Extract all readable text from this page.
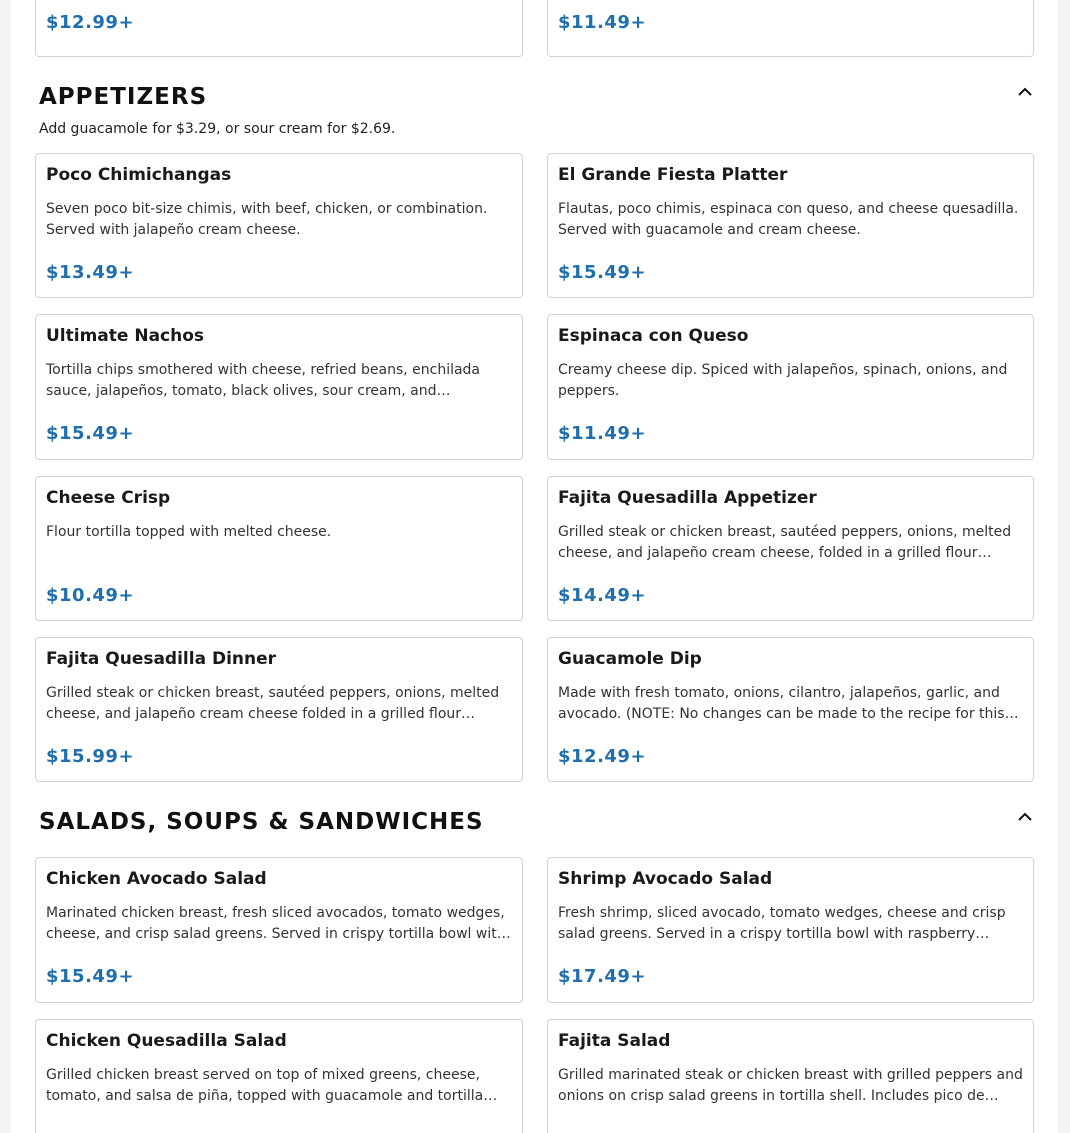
$12.99+	$11.49+
APPETIZERS
Add guacamole for $3.29, or sour cream for $2.69.
Poco Chimichangas
Seven poco bit-size chimis, with beef, chicken, or combination. Served with jalapeño cream cheese.
$13.49+
El Grande Fiesta Platter
Flautas, poco chimis, espinaca con queso, and cheese quesadilla. Served with guacamole and cream cheese.
$15.49+
Ultimate Nachos
Tortilla chips smothered with cheese, refried beans, enchilada sauce, jalapeños, tomato, black olives, sour cream, and…
$15.49+
Espinaca con Queso
Creamy cheese dip. Spiced with jalapeños, spinach, onions, and peppers.
$11.49+
Cheese Crisp
Flour tortilla topped with melted cheese.
$10.49+
Fajita Quesadilla Appetizer
Grilled steak or chicken breast, sautéed peppers, onions, melted cheese, and jalapeño cream cheese, folded in a grilled flour…
$14.49+
Fajita Quesadilla Dinner
Grilled steak or chicken breast, sautéed peppers, onions, melted cheese, and jalapeño cream cheese folded in a grilled flour…
$15.99+
Guacamole Dip
Made with fresh tomato, onions, cilantro, jalapeños, garlic, and avocado. (NOTE: No changes can be made to the recipe for this…
$12.49+
SALADS, SOUPS & SANDWICHES
Chicken Avocado Salad
Marinated chicken breast, fresh sliced avocados, tomato wedges, cheese, and crisp salad greens. Served in crispy tortilla bowl wit…
$15.49+
Shrimp Avocado Salad
Fresh shrimp, sliced avocado, tomato wedges, cheese and crisp salad greens. Served in a crispy tortilla bowl with raspberry…
$17.49+
Chicken Quesadilla Salad
Grilled chicken breast served on top of mixed greens, cheese, tomato, and salsa de piña, topped with guacamole and tortilla…
Fajita Salad
Grilled marinated steak or chicken breast with grilled peppers and onions on crisp salad greens in tortilla shell. Includes pico de…
